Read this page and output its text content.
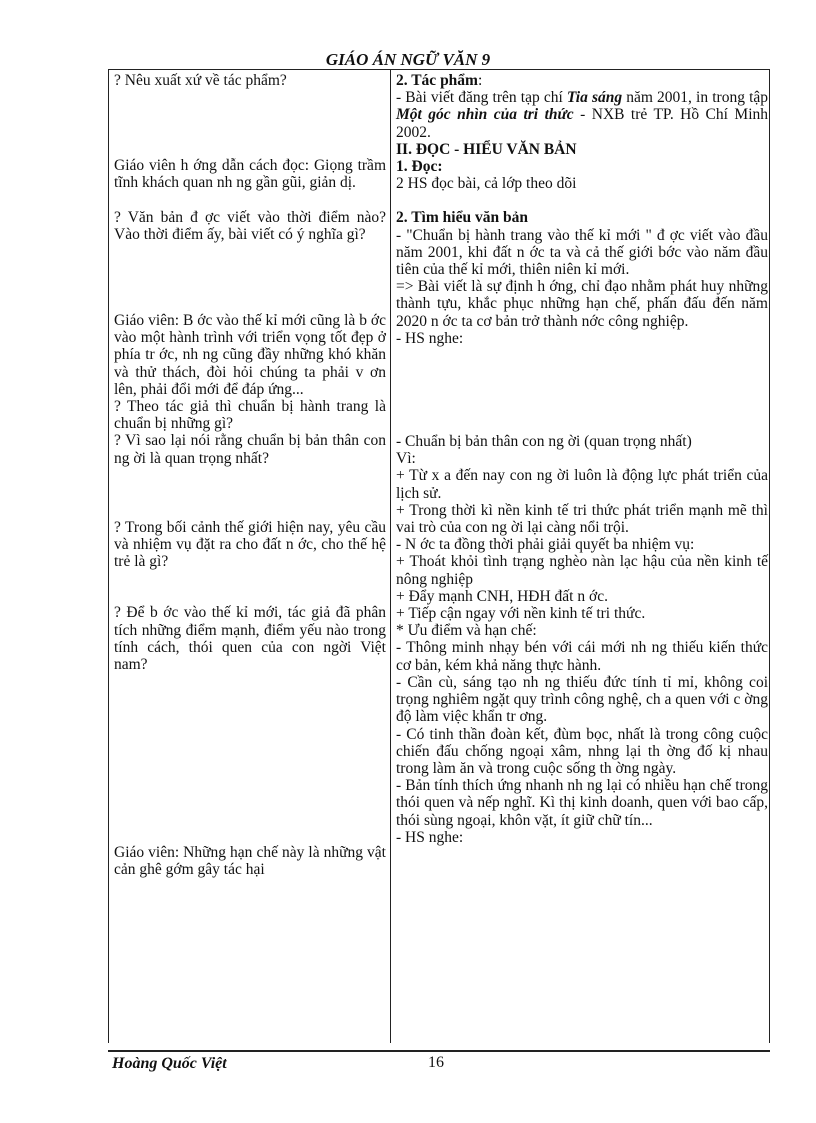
GIÁO ÁN NGỮ VĂN 9

? Nêu xuất xứ về tác phẩm?

Giáo viên h ớng dẫn cách đọc: Giọng trầm tĩnh khách quan nh ng gần gũi, giản dị.

? Văn bản đ ợc viết vào thời điểm nào? Vào thời điểm ấy, bài viết có ý nghĩa gì?

Giáo viên: B ớc vào thế kỉ mới cũng là b ớc vào một hành trình với triển vọng tốt đẹp ở phía tr ớc, nh ng cũng đầy những khó khăn và thử thách, đòi hỏi chúng ta phải v ơn lên, phải đổi mới để đáp ứng...

? Theo tác giả thì chuẩn bị hành trang là chuẩn bị những gì?

? Vì sao lại nói rằng chuẩn bị bản thân con ng ời là quan trọng nhất?

? Trong bối cảnh thế giới hiện nay, yêu cầu và nhiệm vụ đặt ra cho đất n ớc, cho thế hệ trẻ là gì?

? Để b ớc vào thế kỉ mới, tác giả đã phân tích những điểm mạnh, điểm yếu nào trong tính cách, thói quen của con ngời Việt nam?

Giáo viên: Những hạn chế này là những vật cản ghê gớm gây tác hại

2. Tác phẩm:

- Bài viết đăng trên tạp chí Tia sáng năm 2001, in trong tập Một góc nhìn của tri thức - NXB trẻ TP. Hồ Chí Minh 2002.

II. ĐỌC - HIỂU VĂN BẢN

1. Đọc:

2 HS đọc bài, cả lớp theo dõi

2. Tìm hiểu văn bản

- "Chuẩn bị hành trang vào thế kỉ mới " đ ợc viết vào đầu năm 2001, khi đất n ớc ta và cả thế giới bớc vào năm đầu tiên của thế kỉ mới, thiên niên kỉ mới.

=> Bài viết là sự định h ớng, chỉ đạo nhằm phát huy những thành tựu, khắc phục những hạn chế, phấn đấu đến năm 2020 n ớc ta cơ bản trở thành nớc công nghiệp.

- HS nghe:

- Chuẩn bị bản thân con ng ời (quan trọng nhất)

Vì:

+ Từ x a đến nay con ng ời luôn là động lực phát triển của lịch sử.

+ Trong thời kì nền kinh tế tri thức phát triển mạnh mẽ thì vai trò của con ng ời lại càng nổi trội.

- N ớc ta đồng thời phải giải quyết ba nhiệm vụ:

+ Thoát khỏi tình trạng nghèo nàn lạc hậu của nền kinh tế nông nghiệp

+ Đẩy mạnh CNH, HĐH đất n ớc.

+ Tiếp cận ngay với nền kinh tế tri thức.

* Ưu điểm và hạn chế:

- Thông minh nhạy bén với cái mới nh ng thiếu kiến thức cơ bản, kém khả năng thực hành.

- Cần cù, sáng tạo nh ng thiếu đức tính tỉ mỉ, không coi trọng nghiêm ngặt quy trình công nghệ, ch a quen với c ờng độ làm việc khẩn tr ơng.

- Có tinh thần đoàn kết, đùm bọc, nhất là trong công cuộc chiến đấu chống ngoại xâm, nhng lại th ờng đố kị nhau trong làm ăn và trong cuộc sống th ờng ngày.

- Bản tính thích ứng nhanh nh ng lại có nhiều hạn chế trong thói quen và nếp nghĩ. Kì thị kinh doanh, quen với bao cấp, thói sùng ngoại, khôn vặt, ít giữ chữ tín...

- HS nghe:

Hoàng Quốc Việt	16
